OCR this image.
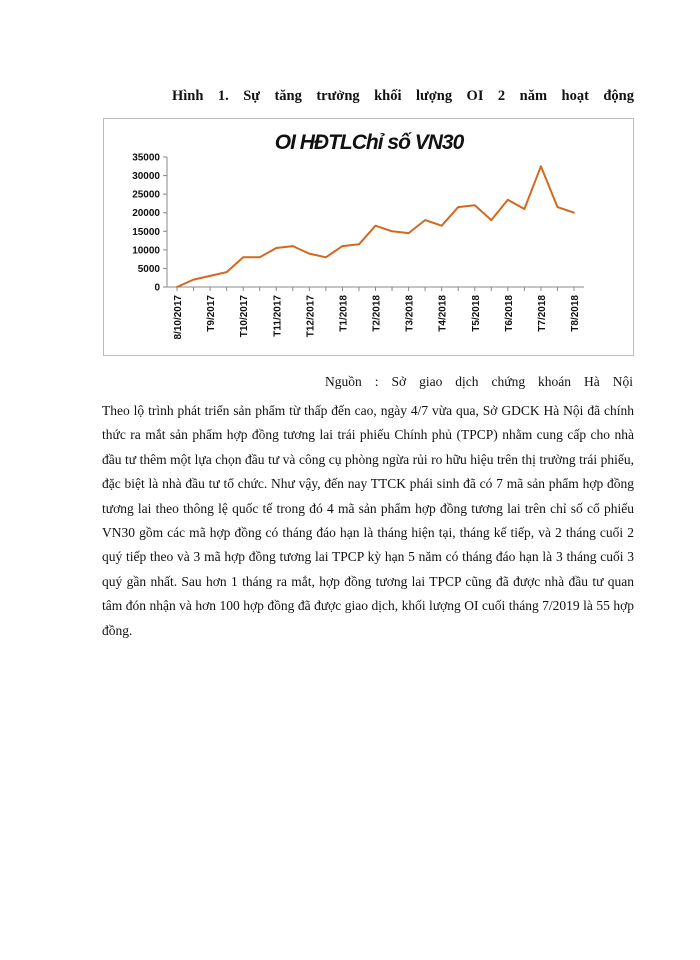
Hình 1. Sự tăng trưởng khối lượng OI 2 năm hoạt động
OI HĐTLChỉ số VN30
0
5000
10000
15000
20000
25000
30000
35000
8/10/2017 T9/2017 T10/2017 T11/2017 T12/2017 T1/2018 T2/2018 T3/2018 T4/2018 T5/2018 T6/2018 T7/2018 T8/2018
Nguồn : Sở giao dịch chứng khoán Hà Nội

Theo lộ trình phát triển sản phẩm từ thấp đến cao, ngày 4/7 vừa qua, Sở GDCK Hà Nội đã chính thức ra mắt sản phẩm hợp đồng tương lai trái phiếu Chính phủ (TPCP) nhằm cung cấp cho nhà đầu tư thêm một lựa chọn đầu tư và công cụ phòng ngừa rủi ro hữu hiệu trên thị trường trái phiếu, đặc biệt là nhà đầu tư tổ chức. Như vậy, đến nay TTCK phái sinh đã có 7 mã sản phẩm hợp đồng tương lai theo thông lệ quốc tế trong đó 4 mã sản phẩm hợp đồng tương lai trên chỉ số cổ phiếu VN30 gồm các mã hợp đồng có tháng đáo hạn là tháng hiện tại, tháng kế tiếp, và 2 tháng cuối 2 quý tiếp theo và 3 mã hợp đồng tương lai TPCP kỳ hạn 5 năm có tháng đáo hạn là 3 tháng cuối 3 quý gần nhất. Sau hơn 1 tháng ra mắt, hợp đồng tương lai TPCP cũng đã được nhà đầu tư quan tâm đón nhận và hơn 100 hợp đồng đã được giao dịch, khối lượng OI cuối tháng 7/2019 là 55 hợp đồng.
